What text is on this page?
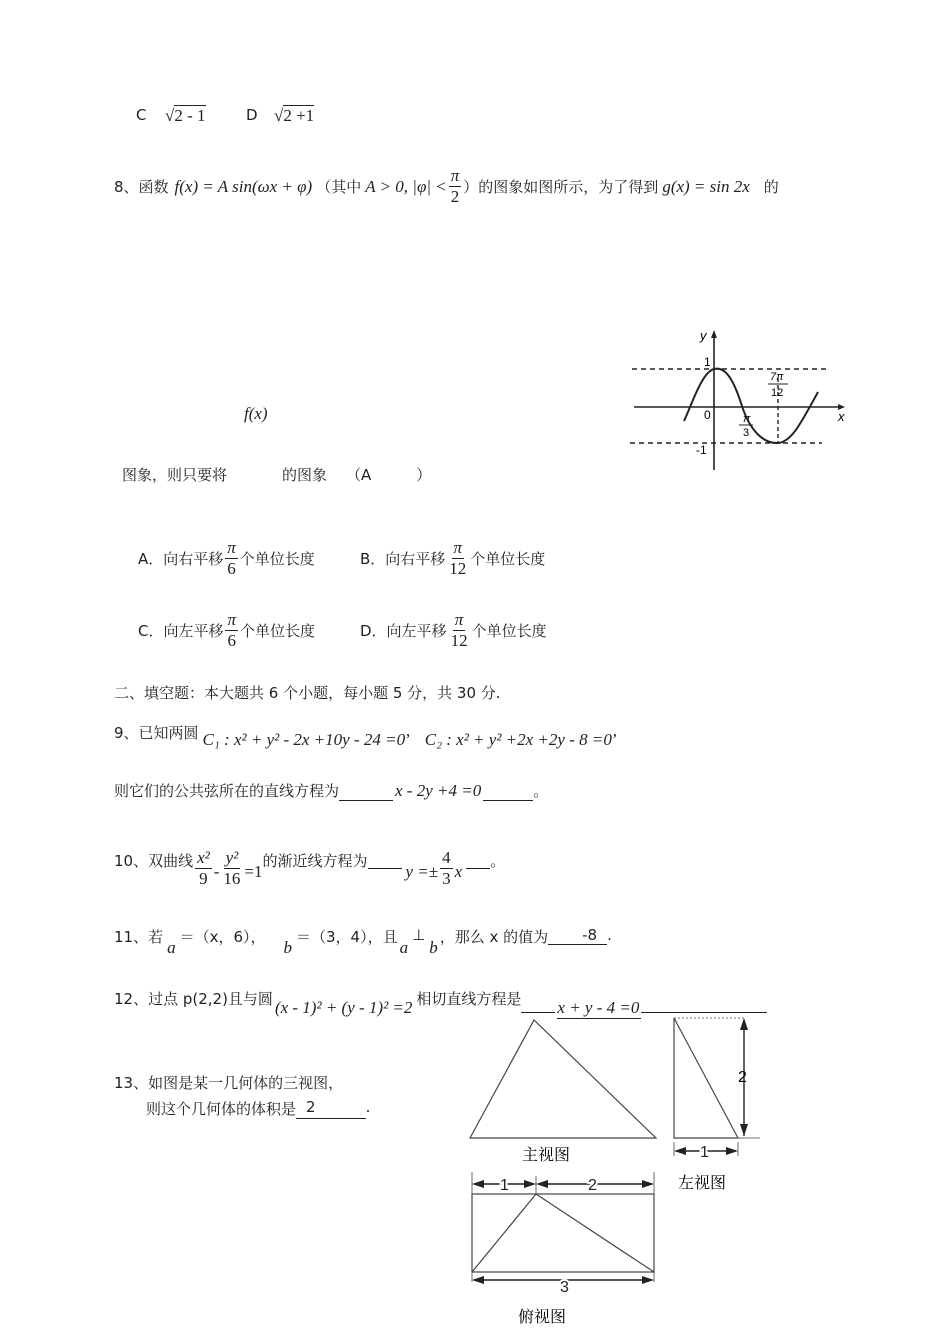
C √2 - 1	D √2 +1
8、函数 f(x) = A sin(ωx + φ) （其中 A > 0, $|\varphi| < \frac{\pi}{2}$ ）的图象如图所示，为了得到 g(x) = sin 2x 的
f(x)
图象，则只要将	的图象 （A　　　）
y
x
1
-1
0	π
3
7π
12
A．向右平移 $\frac{\pi}{6}$ 个单位长度	B．向右平移 $\frac{\pi}{12}$ 个单位长度
C．向左平移 $\frac{\pi}{6}$ 个单位长度	D．向左平移 $\frac{\pi}{12}$ 个单位长度
二、填空题：本大题共 6 个小题，每小题 5 分，共 30 分.
9、已知两圆 C₁ : x² + y² - 2x +10y - 24 =0 ’ C₂ : x² + y² +2x +2y - 8 =0 ’
则它们的公共弦所在的直线方程为	x - 2y +4 =0	。
10、双曲线 $\frac{\text{x²}}{9} - \frac{\text{y²}}{16} =1$
的渐近线方程为
$y =\pm \frac{4}{3}$ x
。
11、若
a
＝（x，6），
b
＝（3，4），且
a
⊥
b
，那么 x 的值为	-8 .
12、过点 p(2,2)且与圆 (x - 1)² + (y - 1)² =2 相切直线方程是 x + y - 4 =0
13、如图是某一几何体的三视图，
则这个几何体的体积是 2	.
主视图
2
1
左视图
1	2
3
俯视图
